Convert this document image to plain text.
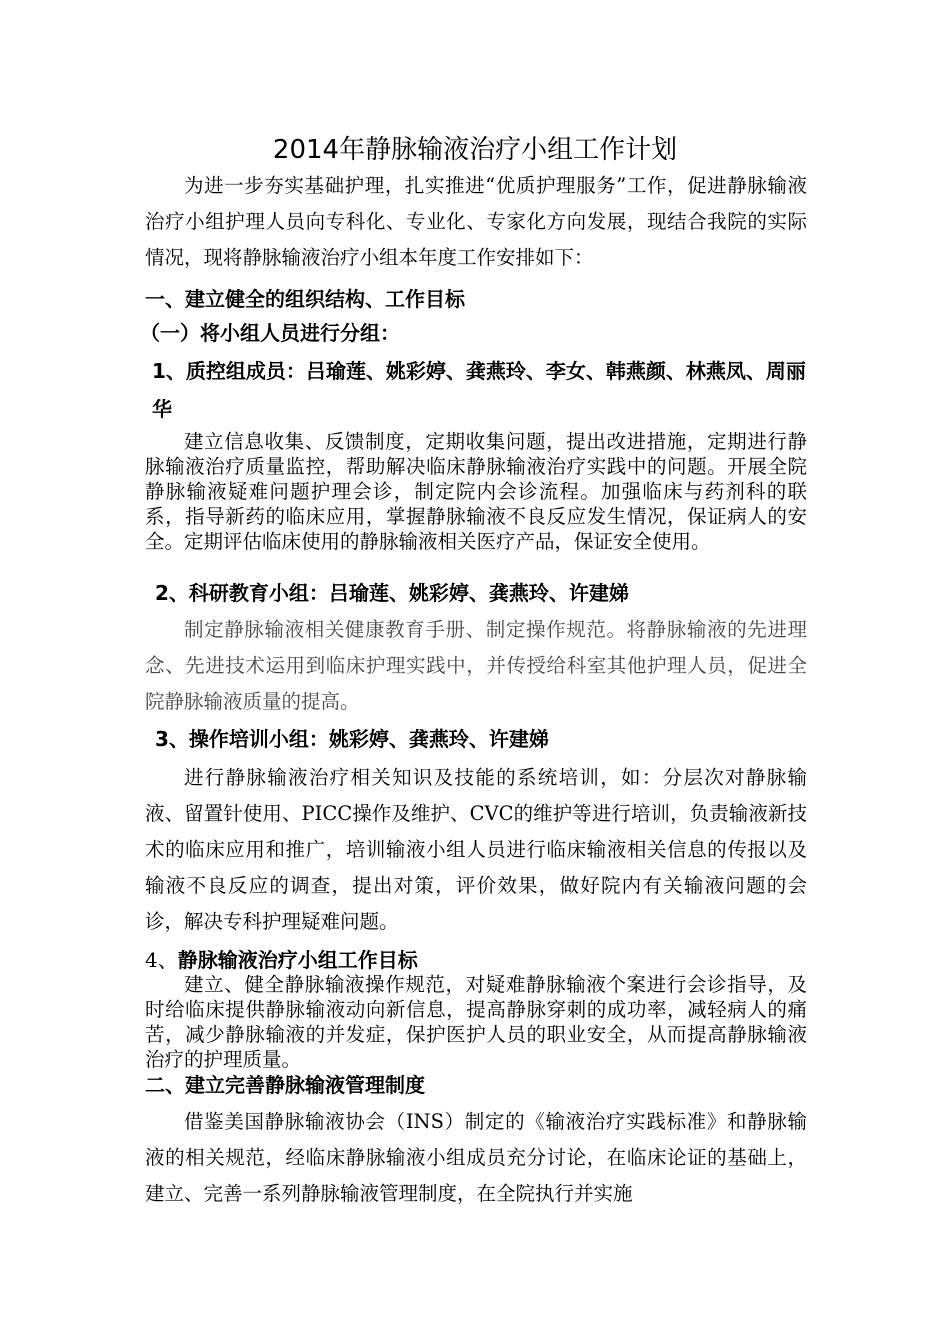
2014年静脉输液治疗小组工作计划

为进一步夯实基础护理，扎实推进“优质护理服务”工作，促进静脉输液治疗小组护理人员向专科化、专业化、专家化方向发展，现结合我院的实际情况，现将静脉输液治疗小组本年度工作安排如下：

一、建立健全的组织结构、工作目标
（一）将小组人员进行分组：
1、质控组成员：吕瑜莲、姚彩婷、龚燕玲、李女、韩燕颜、林燕凤、周丽华

建立信息收集、反馈制度，定期收集问题，提出改进措施，定期进行静脉输液治疗质量监控，帮助解决临床静脉输液治疗实践中的问题。开展全院静脉输液疑难问题护理会诊，制定院内会诊流程。加强临床与药剂科的联系，指导新药的临床应用，掌握静脉输液不良反应发生情况，保证病人的安全。定期评估临床使用的静脉输液相关医疗产品，保证安全使用。

2、科研教育小组：吕瑜莲、姚彩婷、龚燕玲、许建娣

制定静脉输液相关健康教育手册、制定操作规范。将静脉输液的先进理念、先进技术运用到临床护理实践中，并传授给科室其他护理人员，促进全院静脉输液质量的提高。

3、操作培训小组：姚彩婷、龚燕玲、许建娣

进行静脉输液治疗相关知识及技能的系统培训，如：分层次对静脉输液、留置针使用、PICC操作及维护、CVC的维护等进行培训，负责输液新技术的临床应用和推广，培训输液小组人员进行临床输液相关信息的传报以及输液不良反应的调查，提出对策，评价效果，做好院内有关输液问题的会诊，解决专科护理疑难问题。

4、静脉输液治疗小组工作目标

建立、健全静脉输液操作规范，对疑难静脉输液个案进行会诊指导，及时给临床提供静脉输液动向新信息，提高静脉穿刺的成功率，减轻病人的痛苦，减少静脉输液的并发症，保护医护人员的职业安全，从而提高静脉输液治疗的护理质量。

二、建立完善静脉输液管理制度

借鉴美国静脉输液协会（INS）制定的《输液治疗实践标准》和静脉输液的相关规范，经临床静脉输液小组成员充分讨论，在临床论证的基础上，建立、完善一系列静脉输液管理制度，在全院执行并实施
